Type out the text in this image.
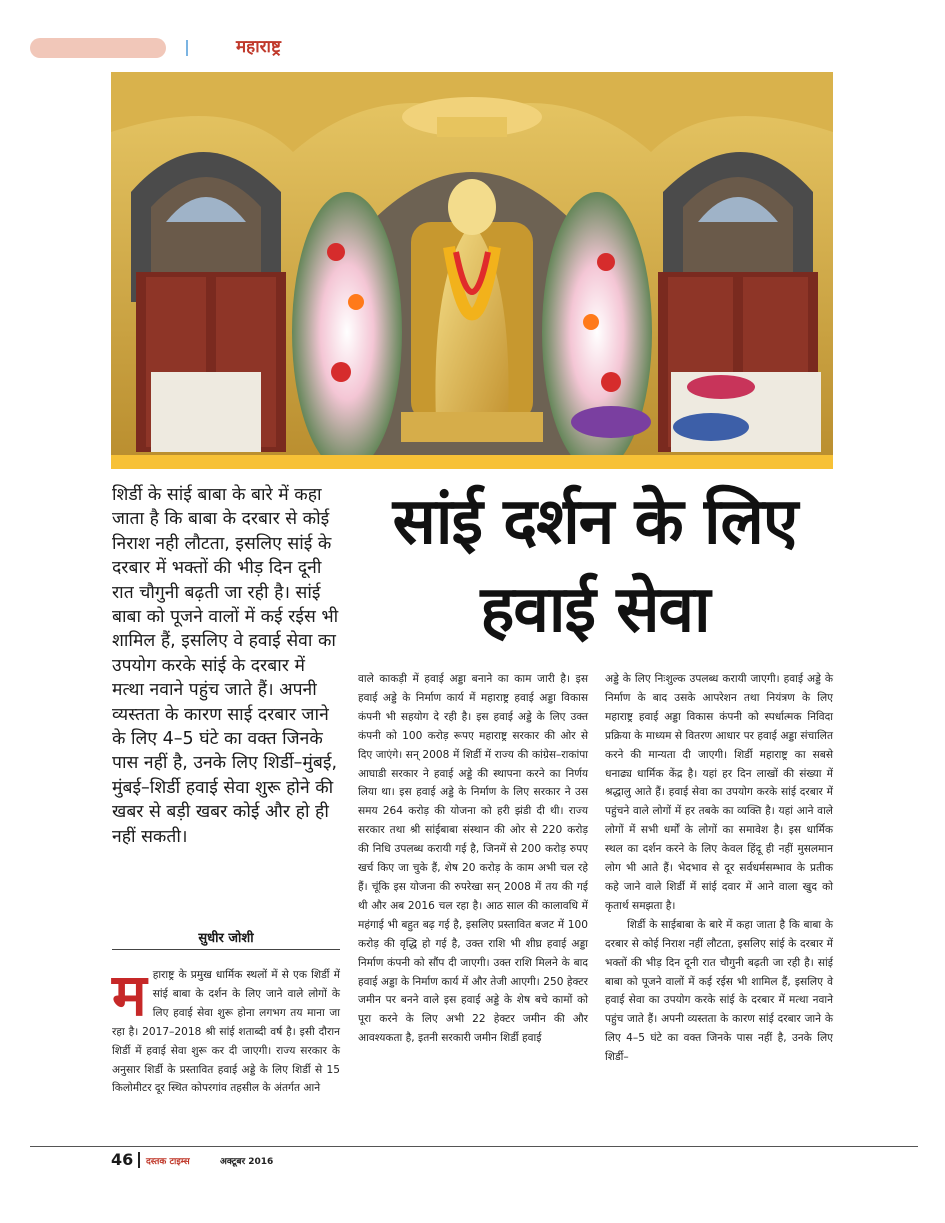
महाराष्ट्र
शिर्डी के सांई बाबा के बारे में कहा जाता है कि बाबा के दरबार से कोई निराश नही लौटता, इसलिए सांई के दरबार में भक्तों की भीड़ दिन दूनी रात चौगुनी बढ़ती जा रही है। सांई बाबा को पूजने वालों में कई रईस भी शामिल हैं, इसलिए वे हवाई सेवा का उपयोग करके सांई के दरबार में मत्था नवाने पहुंच जाते हैं। अपनी व्यस्तता के कारण साई दरबार जाने के लिए 4–5 घंटे का वक्त जिनके पास नहीं है, उनके लिए शिर्डी–मुंबई, मुंबई–शिर्डी हवाई सेवा शुरू होने की खबर से बड़ी खबर कोई और हो ही नहीं सकती।
सांई दर्शन के लिए
हवाई सेवा
सुधीर जोशी
म हाराष्ट्र के प्रमुख धार्मिक स्थलों में से एक शिर्डी में सांई बाबा के दर्शन के लिए जाने वाले लोगों के लिए हवाई सेवा शुरू होना लगभग तय माना जा रहा है। 2017–2018 श्री सांई शताब्दी वर्ष है। इसी दौरान शिर्डी में हवाई सेवा शुरू कर दी जाएगी। राज्य सरकार के अनुसार शिर्डी के प्रस्तावित हवाई अड्डे के लिए शिर्डी से 15 किलोमीटर दूर स्थित कोपरगांव तहसील के अंतर्गत आने
वाले काकड़ी में हवाई अड्डा बनाने का काम जारी है। इस हवाई अड्डे के निर्माण कार्य में महाराष्ट्र हवाई अड्डा विकास कंपनी भी सहयोग दे रही है। इस हवाई अड्डे के लिए उक्त कंपनी को 100 करोड़ रूपए महाराष्ट्र सरकार की ओर से दिए जाएंगे। सन् 2008 में शिर्डी में राज्य की कांग्रेस–राकांपा आघाडी सरकार ने हवाई अड्डे की स्थापना करने का निर्णय लिया था। इस हवाई अड्डे के निर्माण के लिए सरकार ने उस समय 264 करोड़ की योजना को हरी झंडी दी थी। राज्य सरकार तथा श्री सांईबाबा संस्थान की ओर से 220 करोड़ की निधि उपलब्ध करायी गई है, जिनमें से 200 करोड़ रुपए खर्च किए जा चुके हैं, शेष 20 करोड़ के काम अभी चल रहे हैं। चूंकि इस योजना की रुपरेखा सन् 2008 में तय की गई थी और अब 2016 चल रहा है। आठ साल की कालावधि में महंगाई भी बहुत बढ़ गई है, इसलिए प्रस्तावित बजट में 100 करोड़ की वृद्धि हो गई है, उक्त राशि भी शीघ्र हवाई अड्डा निर्माण कंपनी को सौंप दी जाएगी। उक्त राशि मिलने के बाद हवाई अड्डा के निर्माण कार्य में और तेजी आएगी। 250 हेक्टर जमीन पर बनने वाले इस हवाई अड्डे के शेष बचे कामों को पूरा करने के लिए अभी 22 हेक्टर जमीन की और आवश्यकता है, इतनी सरकारी जमीन शिर्डी हवाई
अड्डे के लिए निःशुल्क उपलब्ध करायी जाएगी। हवाई अड्डे के निर्माण के बाद उसके आपरेशन तथा नियंत्रण के लिए महाराष्ट्र हवाई अड्डा विकास कंपनी को स्पर्धात्मक निविदा प्रक्रिया के माध्यम से वितरण आधार पर हवाई अड्डा संचालित करने की मान्यता दी जाएगी। शिर्डी महाराष्ट्र का सबसे धनाढ्य धार्मिक केंद्र है। यहां हर दिन लाखों की संख्या में श्रद्धालु आते हैं। हवाई सेवा का उपयोग करके सांई दरबार में पहुंचने वाले लोगों में हर तबके का व्यक्ति है। यहां आने वाले लोगों में सभी धर्मों के लोगों का समावेश है। इस धार्मिक स्थल का दर्शन करने के लिए केवल हिंदू ही नहीं मुसलमान लोग भी आते हैं। भेदभाव से दूर सर्वधर्मसम्भाव के प्रतीक कहे जाने वाले शिर्डी में सांई दवार में आने वाला खुद को कृतार्थ समझता है।
शिर्डी के साईबाबा के बारे में कहा जाता है कि बाबा के दरबार से कोई निराश नहीं लौटता, इसलिए सांई के दरबार में भक्तों की भीड़ दिन दूनी रात चौगुनी बढ़ती जा रही है। सांई बाबा को पूजने वालों में कई रईस भी शामिल हैं, इसलिए वे हवाई सेवा का उपयोग करके सांई के दरबार में मत्था नवाने पहुंच जाते हैं। अपनी व्यस्तता के कारण सांई दरबार जाने के लिए 4–5 घंटे का वक्त जिनके पास नहीं है, उनके लिए शिर्डी–
46 दस्तक टाइम्स	अक्टूबर 2016
